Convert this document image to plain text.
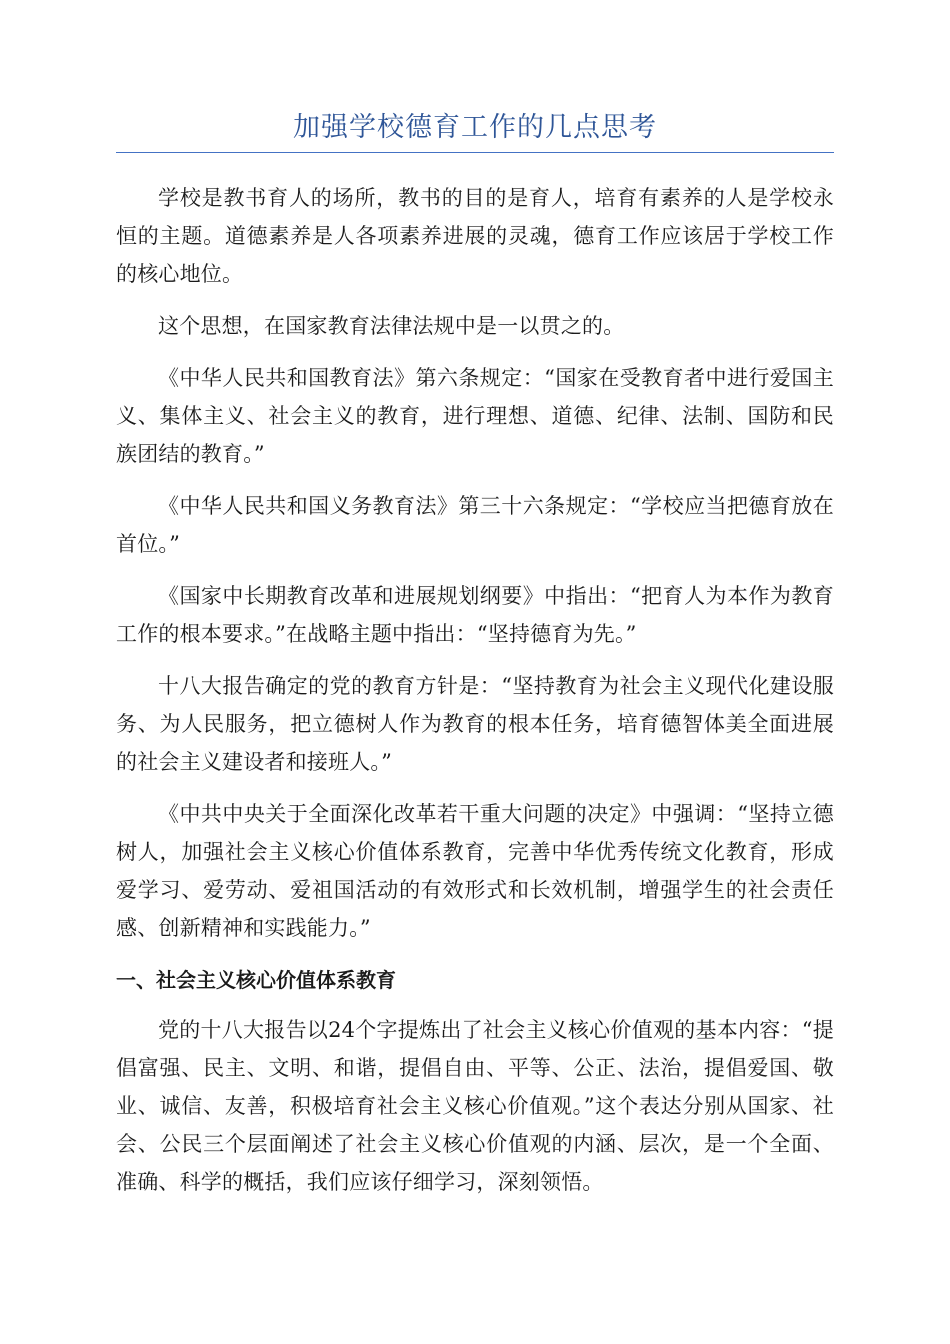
加强学校德育工作的几点思考

学校是教书育人的场所，教书的目的是育人，培育有素养的人是学校永恒的主题。道德素养是人各项素养进展的灵魂，德育工作应该居于学校工作的核心地位。

这个思想，在国家教育法律法规中是一以贯之的。

《中华人民共和国教育法》第六条规定：“国家在受教育者中进行爱国主义、集体主义、社会主义的教育，进行理想、道德、纪律、法制、国防和民族团结的教育。”

《中华人民共和国义务教育法》第三十六条规定：“学校应当把德育放在首位。”

《国家中长期教育改革和进展规划纲要》中指出：“把育人为本作为教育工作的根本要求。”在战略主题中指出：“坚持德育为先。”

十八大报告确定的党的教育方针是：“坚持教育为社会主义现代化建设服务、为人民服务，把立德树人作为教育的根本任务，培育德智体美全面进展的社会主义建设者和接班人。”

《中共中央关于全面深化改革若干重大问题的决定》中强调：“坚持立德树人，加强社会主义核心价值体系教育，完善中华优秀传统文化教育，形成爱学习、爱劳动、爱祖国活动的有效形式和长效机制，增强学生的社会责任感、创新精神和实践能力。”

一、社会主义核心价值体系教育

党的十八大报告以24个字提炼出了社会主义核心价值观的基本内容：“提倡富强、民主、文明、和谐，提倡自由、平等、公正、法治，提倡爱国、敬业、诚信、友善，积极培育社会主义核心价值观。”这个表达分别从国家、社会、公民三个层面阐述了社会主义核心价值观的内涵、层次，是一个全面、准确、科学的概括，我们应该仔细学习，深刻领悟。
